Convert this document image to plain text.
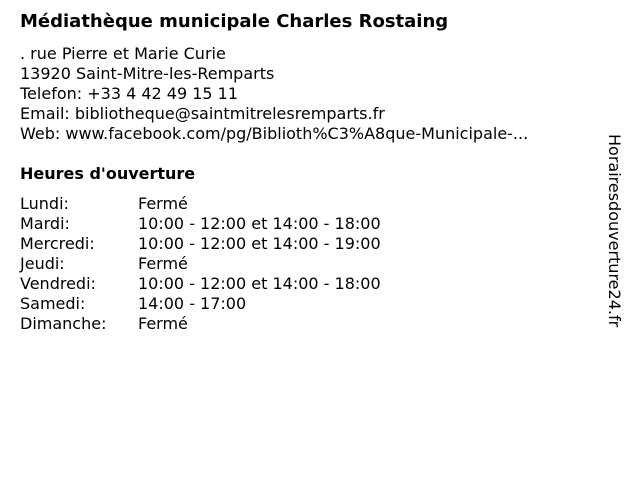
Médiathèque municipale Charles Rostaing
. rue Pierre et Marie Curie
13920 Saint-Mitre-les-Remparts
Telefon: +33 4 42 49 15 11
Email: bibliotheque@saintmitrelesremparts.fr
Web: www.facebook.com/pg/Biblioth%C3%A8que-Municipale-...
Heures d'ouverture
Lundi:	Fermé
Mardi:	10:00 - 12:00 et 14:00 - 18:00
Mercredi:	10:00 - 12:00 et 14:00 - 19:00
Jeudi:	Fermé
Vendredi:	10:00 - 12:00 et 14:00 - 18:00
Samedi:	14:00 - 17:00
Dimanche:	Fermé	Horairesdouverture24.fr
